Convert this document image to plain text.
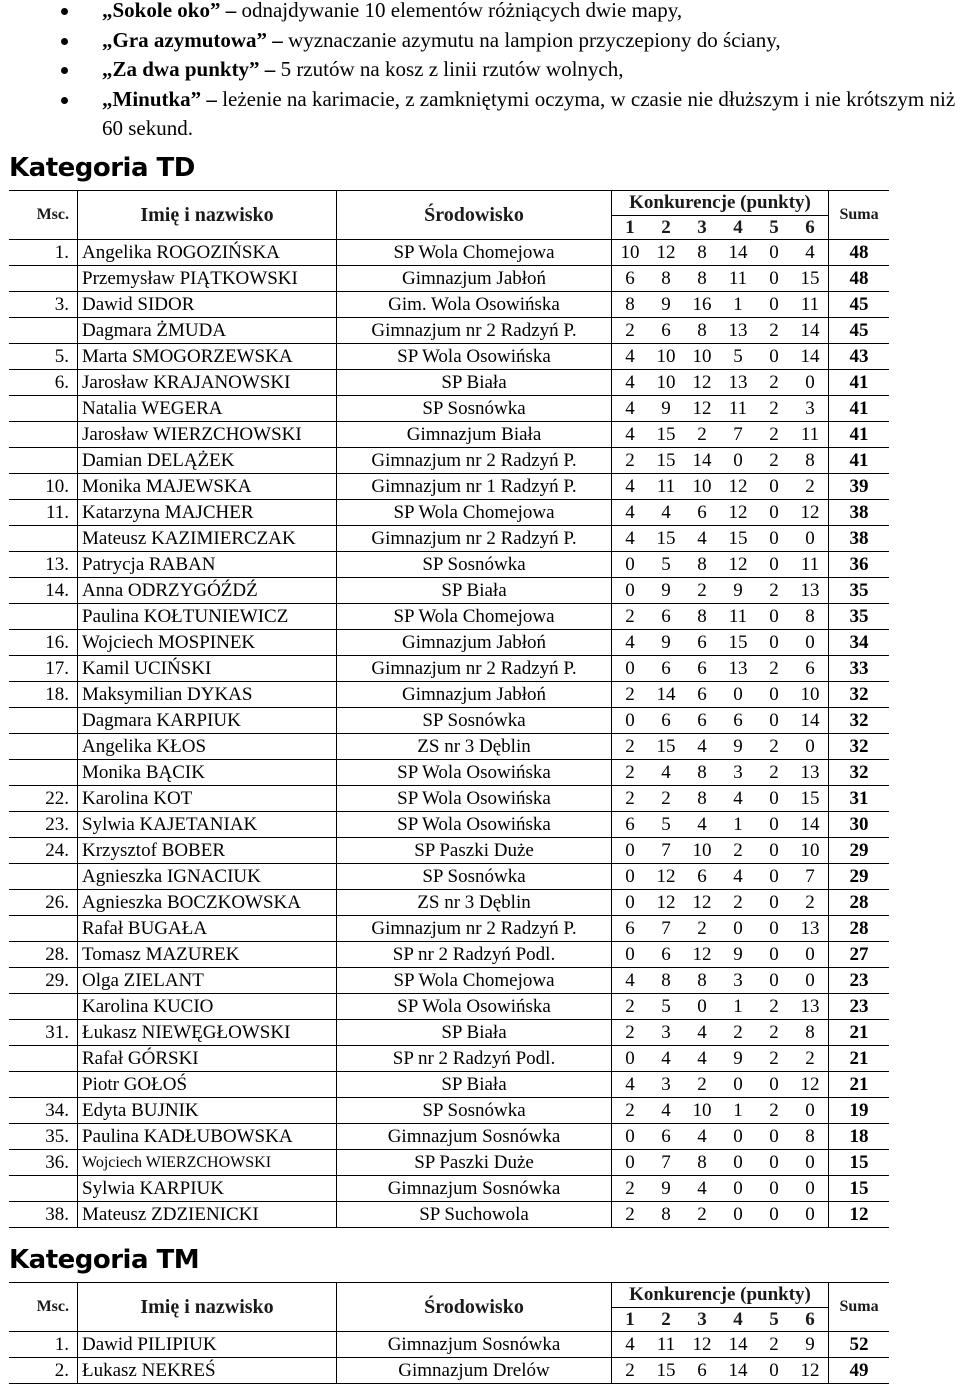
„Sokole oko” – odnajdywanie 10 elementów różniących dwie mapy,
„Gra azymutowa” – wyznaczanie azymutu na lampion przyczepiony do ściany,
„Za dwa punkty” – 5 rzutów na kosz z linii rzutów wolnych,
„Minutka” – leżenie na karimacie, z zamkniętymi oczyma, w czasie nie dłuższym i nie krótszym niż 60 sekund.
Kategoria TD
Msc.	Imię i nazwisko	Środowisko	Konkurencje (punkty)						Suma
			1	2	3	4	5	6	
1.	Angelika ROGOZIŃSKA	SP Wola Chomejowa	10	12	8	14	0	4	48
	Przemysław PIĄTKOWSKI	Gimnazjum Jabłoń	6	8	8	11	0	15	48
3.	Dawid SIDOR	Gim. Wola Osowińska	8	9	16	1	0	11	45
	Dagmara ŻMUDA	Gimnazjum nr 2 Radzyń P.	2	6	8	13	2	14	45
5.	Marta SMOGORZEWSKA	SP Wola Osowińska	4	10	10	5	0	14	43
6.	Jarosław KRAJANOWSKI	SP Biała	4	10	12	13	2	0	41
	Natalia WEGERA	SP Sosnówka	4	9	12	11	2	3	41
	Jarosław WIERZCHOWSKI	Gimnazjum Biała	4	15	2	7	2	11	41
	Damian DELĄŻEK	Gimnazjum nr 2 Radzyń P.	2	15	14	0	2	8	41
10.	Monika MAJEWSKA	Gimnazjum nr 1 Radzyń P.	4	11	10	12	0	2	39
11.	Katarzyna MAJCHER	SP Wola Chomejowa	4	4	6	12	0	12	38
	Mateusz KAZIMIERCZAK	Gimnazjum nr 2 Radzyń P.	4	15	4	15	0	0	38
13.	Patrycja RABAN	SP Sosnówka	0	5	8	12	0	11	36
14.	Anna ODRZYGÓŹDŹ	SP Biała	0	9	2	9	2	13	35
	Paulina KOŁTUNIEWICZ	SP Wola Chomejowa	2	6	8	11	0	8	35
16.	Wojciech MOSPINEK	Gimnazjum Jabłoń	4	9	6	15	0	0	34
17.	Kamil UCIŃSKI	Gimnazjum nr 2 Radzyń P.	0	6	6	13	2	6	33
18.	Maksymilian DYKAS	Gimnazjum Jabłoń	2	14	6	0	0	10	32
	Dagmara KARPIUK	SP Sosnówka	0	6	6	6	0	14	32
	Angelika KŁOS	ZS nr 3 Dęblin	2	15	4	9	2	0	32
	Monika BĄCIK	SP Wola Osowińska	2	4	8	3	2	13	32
22.	Karolina KOT	SP Wola Osowińska	2	2	8	4	0	15	31
23.	Sylwia KAJETANIAK	SP Wola Osowińska	6	5	4	1	0	14	30
24.	Krzysztof BOBER	SP Paszki Duże	0	7	10	2	0	10	29
	Agnieszka IGNACIUK	SP Sosnówka	0	12	6	4	0	7	29
26.	Agnieszka BOCZKOWSKA	ZS nr 3 Dęblin	0	12	12	2	0	2	28
	Rafał BUGAŁA	Gimnazjum nr 2 Radzyń P.	6	7	2	0	0	13	28
28.	Tomasz MAZUREK	SP nr 2 Radzyń Podl.	0	6	12	9	0	0	27
29.	Olga ZIELANT	SP Wola Chomejowa	4	8	8	3	0	0	23
	Karolina KUCIO	SP Wola Osowińska	2	5	0	1	2	13	23
31.	Łukasz NIEWĘGŁOWSKI	SP Biała	2	3	4	2	2	8	21
	Rafał GÓRSKI	SP nr 2 Radzyń Podl.	0	4	4	9	2	2	21
	Piotr GOŁOŚ	SP Biała	4	3	2	0	0	12	21
34.	Edyta BUJNIK	SP Sosnówka	2	4	10	1	2	0	19
35.	Paulina KADŁUBOWSKA	Gimnazjum Sosnówka	0	6	4	0	0	8	18
36.	Wojciech WIERZCHOWSKI	SP Paszki Duże	0	7	8	0	0	0	15
	Sylwia KARPIUK	Gimnazjum Sosnówka	2	9	4	0	0	0	15
38.	Mateusz ZDZIENICKI	SP Suchowola	2	8	2	0	0	0	12
Kategoria TM
Msc.	Imię i nazwisko	Środowisko	Konkurencje (punkty)						Suma
			1	2	3	4	5	6	
1.	Dawid PILIPIUK	Gimnazjum Sosnówka	4	11	12	14	2	9	52
2.	Łukasz NEKREŚ	Gimnazjum Drelów	2	15	6	14	0	12	49
